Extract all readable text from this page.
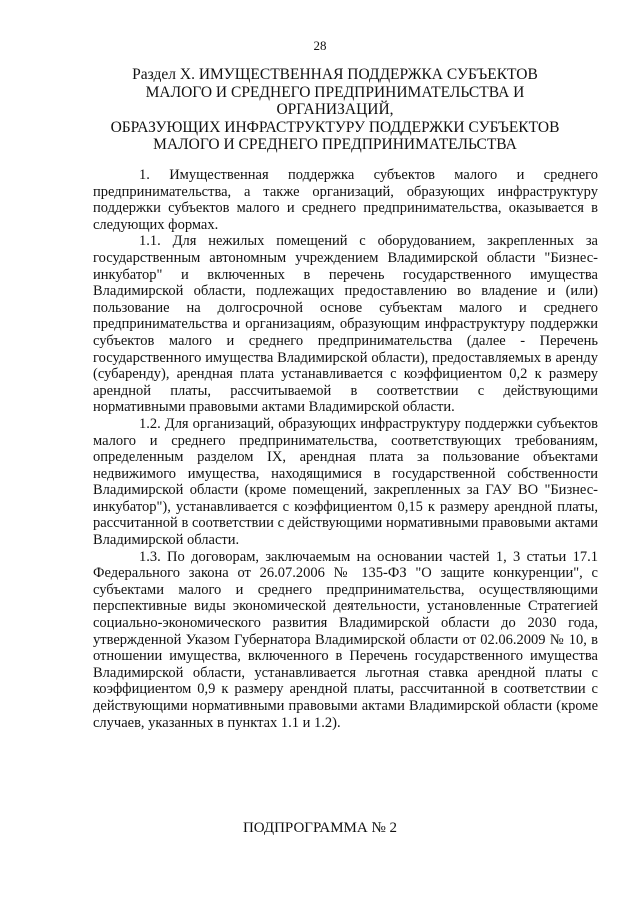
28
Раздел X. ИМУЩЕСТВЕННАЯ ПОДДЕРЖКА СУБЪЕКТОВ
МАЛОГО И СРЕДНЕГО ПРЕДПРИНИМАТЕЛЬСТВА И
ОРГАНИЗАЦИЙ,
ОБРАЗУЮЩИХ ИНФРАСТРУКТУРУ ПОДДЕРЖКИ СУБЪЕКТОВ
МАЛОГО И СРЕДНЕГО ПРЕДПРИНИМАТЕЛЬСТВА

1. Имущественная поддержка субъектов малого и среднего предпринимательства, а также организаций, образующих инфраструктуру поддержки субъектов малого и среднего предпринимательства, оказывается в следующих формах.

1.1. Для нежилых помещений с оборудованием, закрепленных за государственным автономным учреждением Владимирской области "Бизнес-инкубатор" и включенных в перечень государственного имущества Владимирской области, подлежащих предоставлению во владение и (или) пользование на долгосрочной основе субъектам малого и среднего предпринимательства и организациям, образующим инфраструктуру поддержки субъектов малого и среднего предпринимательства (далее - Перечень государственного имущества Владимирской области), предоставляемых в аренду (субаренду), арендная плата устанавливается с коэффициентом 0,2 к размеру арендной платы, рассчитываемой в соответствии с действующими нормативными правовыми актами Владимирской области.

1.2. Для организаций, образующих инфраструктуру поддержки субъектов малого и среднего предпринимательства, соответствующих требованиям, определенным разделом IX, арендная плата за пользование объектами недвижимого имущества, находящимися в государственной собственности Владимирской области (кроме помещений, закрепленных за ГАУ ВО "Бизнес-инкубатор"), устанавливается с коэффициентом 0,15 к размеру арендной платы, рассчитанной в соответствии с действующими нормативными правовыми актами Владимирской области.

1.3. По договорам, заключаемым на основании частей 1, 3 статьи 17.1 Федерального закона от 26.07.2006 № 135-ФЗ "О защите конкуренции", с субъектами малого и среднего предпринимательства, осуществляющими перспективные виды экономической деятельности, установленные Стратегией социально-экономического развития Владимирской области до 2030 года, утвержденной Указом Губернатора Владимирской области от 02.06.2009 № 10, в отношении имущества, включенного в Перечень государственного имущества Владимирской области, устанавливается льготная ставка арендной платы с коэффициентом 0,9 к размеру арендной платы, рассчитанной в соответствии с действующими нормативными правовыми актами Владимирской области (кроме случаев, указанных в пунктах 1.1 и 1.2).

ПОДПРОГРАММА № 2
